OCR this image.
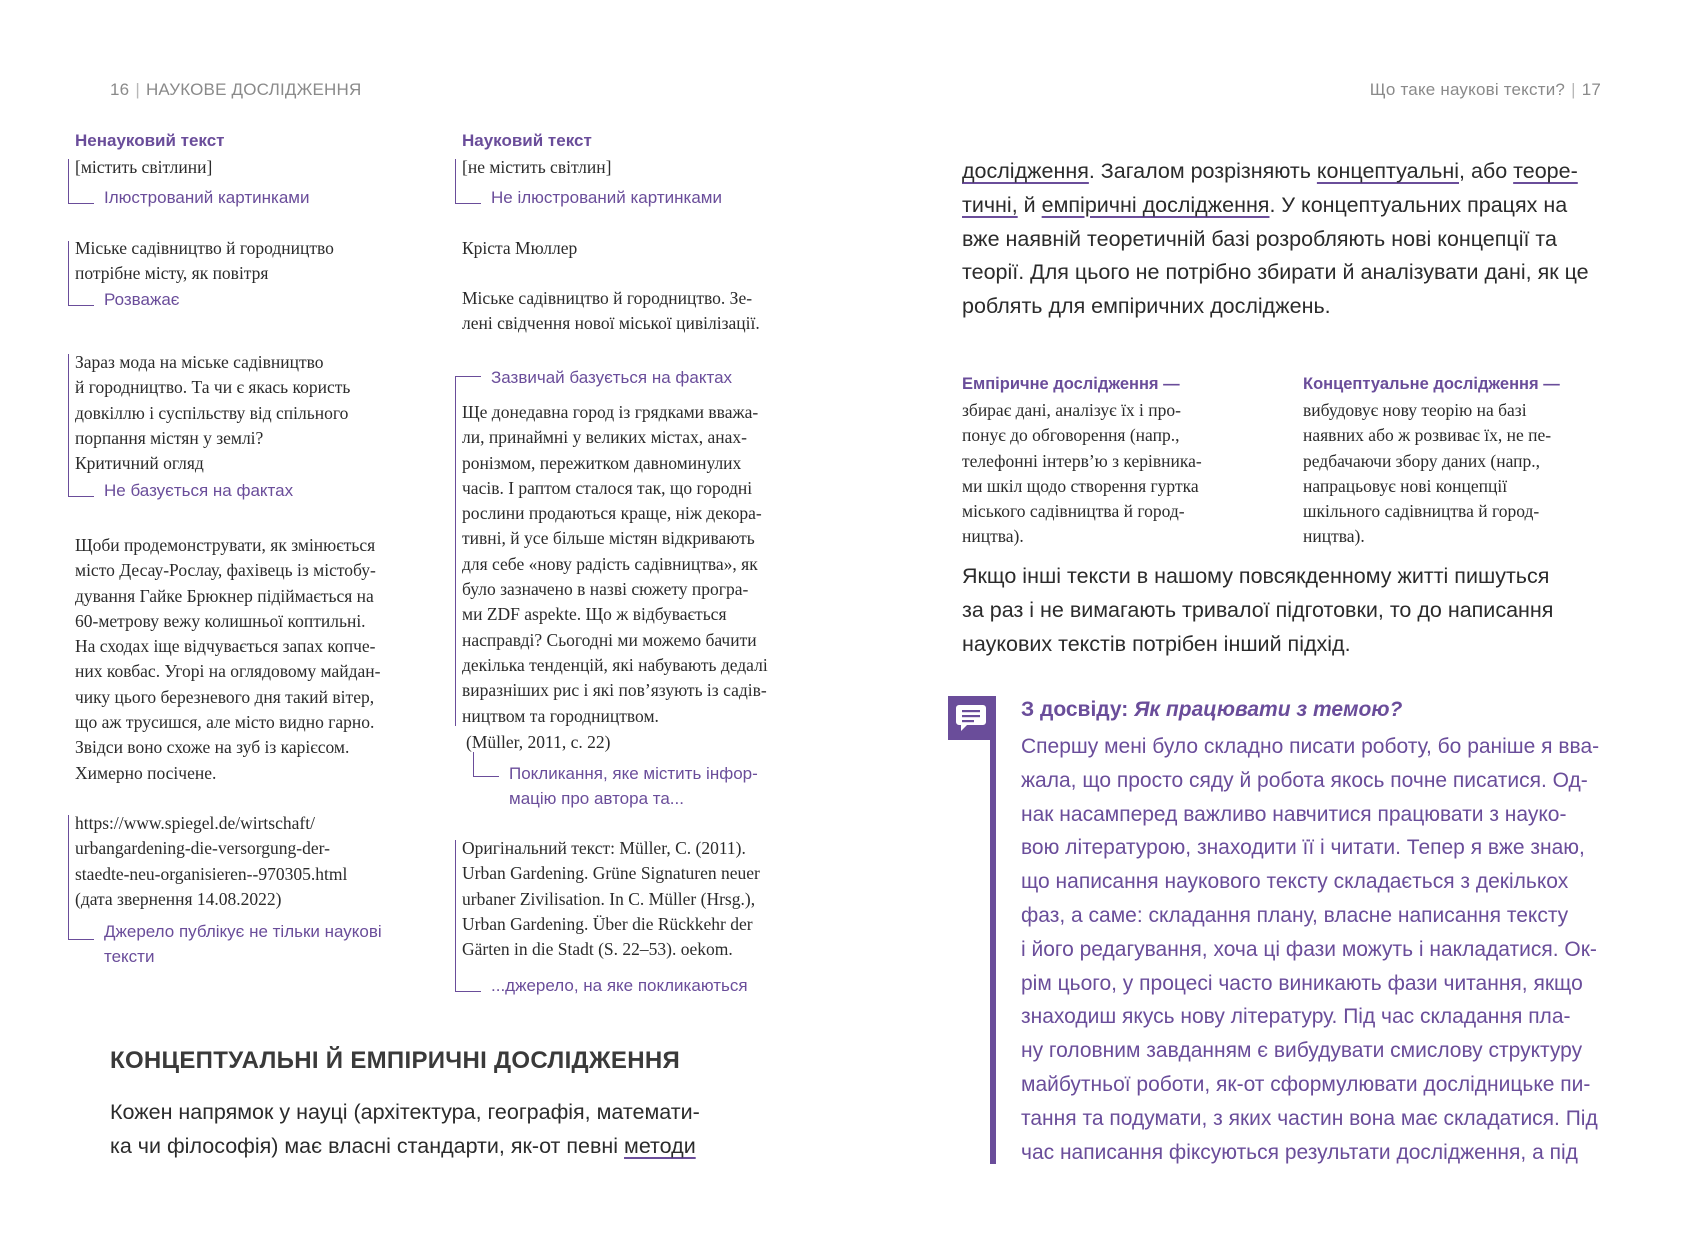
16 | НАУКОВЕ ДОСЛІДЖЕННЯ	Що таке наукові тексти? | 17
Ненауковий текст
[містить світлини]
Ілюстрований картинками
Міське садівництво й городництво
потрібне місту, як повітря
Розважає
Зараз мода на міське садівництво
й городництво. Та чи є якась користь
довкіллю і суспільству від спільного
порпання містян у землі?
Критичний огляд
Не базується на фактах
Щоби продемонструвати, як змінюється
місто Десау-Рослау, фахівець із містобу-
дування Гайке Брюкнер підіймається на
60-метрову вежу колишньої коптильні.
На сходах іще відчувається запах копче-
них ковбас. Угорі на оглядовому майдан-
чику цього березневого дня такий вітер,
що аж трусишся, але місто видно гарно.
Звідси воно схоже на зуб із карієсом.
Химерно посічене.
https://www.spiegel.de/wirtschaft/
urbangardening-die-versorgung-der-
staedte-neu-organisieren--970305.html
(дата звернення 14.08.2022)
Джерело публікує не тільки наукові
тексти
Науковий текст
[не містить світлин]
Не ілюстрований картинками
Кріста Мюллер
Міське садівництво й городництво. Зе-
лені свідчення нової міської цивілізації.
Зазвичай базується на фактах
Ще донедавна город із грядками вважа-
ли, принаймні у великих містах, анах-
ронізмом, пережитком давноминулих
часів. І раптом сталося так, що городні
рослини продаються краще, ніж декора-
тивні, й усе більше містян відкривають
для себе «нову радість садівництва», як
було зазначено в назві сюжету програ-
ми ZDF aspekte. Що ж відбувається
насправді? Сьогодні ми можемо бачити
декілька тенденцій, які набувають дедалі
виразніших рис і які пов’язують із садів-
ництвом та городництвом.
(Müller, 2011, с. 22)
Покликання, яке містить інфор-
мацію про автора та...
Оригінальний текст: Müller, C. (2011).
Urban Gardening. Grüne Signaturen neuer
urbaner Zivilisation. In C. Müller (Hrsg.),
Urban Gardening. Über die Rückkehr der
Gärten in die Stadt (S. 22–53). oekom.
...джерело, на яке покликаються
КОНЦЕПТУАЛЬНІ Й ЕМПІРИЧНІ ДОСЛІДЖЕННЯ
Кожен напрямок у науці (архітектура, географія, математи-
ка чи філософія) має власні стандарти, як-от певні методи
дослідження. Загалом розрізняють концептуальні, або теоре-
тичні, й емпіричні дослідження. У концептуальних працях на
вже наявній теоретичній базі розробляють нові концепції та
теорії. Для цього не потрібно збирати й аналізувати дані, як це
роблять для емпіричних досліджень.
Емпіричне дослідження —
збирає дані, аналізує їх і про-
понує до обговорення (напр.,
телефонні інтерв’ю з керівника-
ми шкіл щодо створення гуртка
міського садівництва й город-
ництва).
Концептуальне дослідження —
вибудовує нову теорію на базі
наявних або ж розвиває їх, не пе-
редбачаючи збору даних (напр.,
напрацьовує нові концепції
шкільного садівництва й город-
ництва).
Якщо інші тексти в нашому повсякденному житті пишуться
за раз і не вимагають тривалої підготовки, то до написання
наукових текстів потрібен інший підхід.
З досвіду: Як працювати з темою?
Спершу мені було складно писати роботу, бо раніше я вва-
жала, що просто сяду й робота якось почне писатися. Од-
нак насамперед важливо навчитися працювати з науко-
вою літературою, знаходити її і читати. Тепер я вже знаю,
що написання наукового тексту складається з декількох
фаз, а саме: складання плану, власне написання тексту
і його редагування, хоча ці фази можуть і накладатися. Ок-
рім цього, у процесі часто виникають фази читання, якщо
знаходиш якусь нову літературу. Під час складання пла-
ну головним завданням є вибудувати смислову структуру
майбутньої роботи, як-от сформулювати дослідницьке пи-
тання та подумати, з яких частин вона має складатися. Під
час написання фіксуються результати дослідження, а під
